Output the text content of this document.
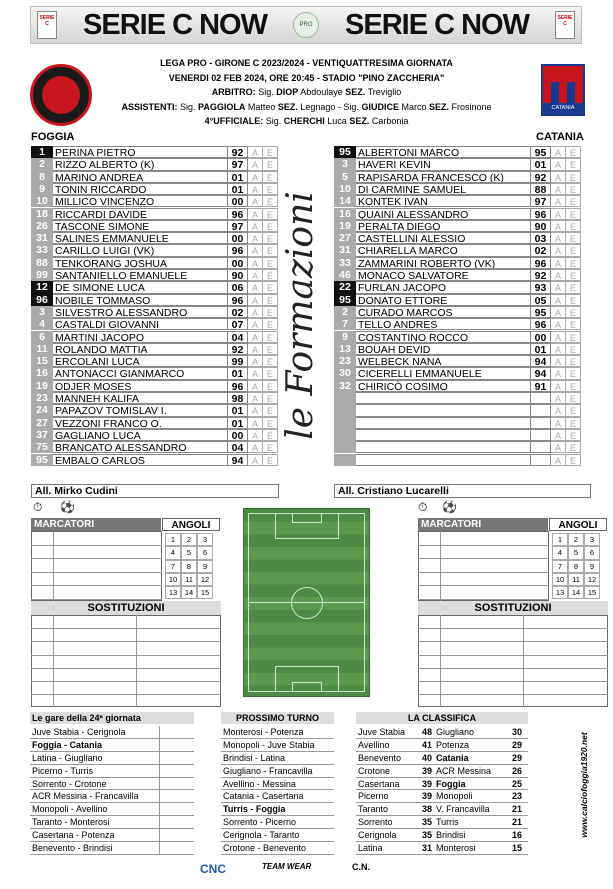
SERIE C SERIE C NOW	PRO SERIE C NOW	SERIE C
CATANIA
LEGA PRO - GIRONE C 2023/2024 - VENTIQUATTRESIMA GIORNATA
VENERDI 02 FEB 2024, ORE 20:45 - STADIO "PINO ZACCHERIA"
ARBITRO: Sig. DIOP Abdoulaye SEZ. Treviglio
ASSISTENTI: Sig. PAGGIOLA Matteo SEZ. Legnago - Sig. GIUDICE Marco SEZ. Frosinone
4°UFFICIALE: Sig. CHERCHI Luca SEZ. Carbonia
FOGGIA	CATANIA
1 PERINA PIETRO	92 A E
2 RIZZO ALBERTO (K)	97 A E
8 MARINO ANDREA	01 A E
9 TONIN RICCARDO	01 A E
10 MILLICO VINCENZO	00 A E
18 RICCARDI DAVIDE	96 A E
26 TASCONE SIMONE	97 A E
31 SALINES EMMANUELE	00 A E
33 CARILLO LUIGI (VK)	96 A E
88 TENKORANG JOSHUA	00 A E
99 SANTANIELLO EMANUELE	90 A E
12 DE SIMONE LUCA	06 A E
96 NOBILE TOMMASO	96 A E
3 SILVESTRO ALESSANDRO	02 A E
4 CASTALDI GIOVANNI	07 A E
6 MARTINI JACOPO	04 A E
11 ROLANDO MATTIA	92 A E
15 ERCOLANI LUCA	99 A E
16 ANTONACCI GIANMARCO	01 A E
19 ODJER MOSES	96 A E
23 MANNEH KALIFA	98 A E
24 PAPAZOV TOMISLAV I.	01 A E
27 VEZZONI FRANCO O.	01 A E
37 GAGLIANO LUCA	00 A E
75 BRANCATO ALESSANDRO	04 A E
95 EMBALO CARLOS	94 A E
95 ALBERTONI MARCO	95 A E
3 HAVERI KEVIN	01 A E
5 RAPISARDA FRANCESCO (K)	92 A E
10 DI CARMINE SAMUEL	88 A E
14 KONTEK IVAN	97 A E
16 QUAINI ALESSANDRO	96 A E
19 PERALTA DIEGO	90 A E
27 CASTELLINI ALESSIO	03 A E
31 CHIARELLA MARCO	02 A E
33 ZAMMARINI ROBERTO (VK)	96 A E
46 MONACO SALVATORE	92 A E
22 FURLAN JACOPO	93 A E
95 DONATO ETTORE	05 A E
2 CURADO MARCOS	95 A E
7 TELLO ANDRES	96 A E
9 COSTANTINO ROCCO	00 A E
13 BOUAH DEVID	01 A E
23 WELBECK NANA	94 A E
30 CICERELLI EMMANUELE	94 A E
32 CHIRICÒ COSIMO	91 A E
A E
A E
A E
A E
A E
A E
All. Mirko Cudini	All. Cristiano Lucarelli
le Formazioni
⏱ ⚽	⏱ ⚽
MARCATORI	ANGOLI
1	2	3
4	5	6
7	8	9
10	11	12
13	14	15
SOSTITUZIONI
MARCATORI	ANGOLI
1	2	3
4	5	6
7	8	9
10	11	12
13	14	15
SOSTITUZIONI
Le gare della 24ª giornata
Juve Stabia - Cerignola
Foggia - Catania
Latina - Giugliano
Picerno - Turris
Sorrento - Crotone
ACR Messina - Francavilla
Monopoli - Avellino
Taranto - Monterosi
Casertana - Potenza
Benevento - Brindisi
PROSSIMO TURNO
Monterosi - Potenza
Monopoli - Juve Stabia
Brindisi - Latina
Giugliano - Francavilla
Avellino - Messina
Catania - Casertana
Turris - Foggia
Sorrento - Picerno
Cerignola - Taranto
Crotone - Benevento
LA CLASSIFICA
Juve Stabia	48 Giugliano	30
Avellino	41 Potenza	29
Benevento	40 Catania	29
Crotone	39 ACR Messina	26
Casertana	39 Foggia	25
Picerno	39 Monopoli	23
Taranto	38 V. Francavilla	21
Sorrento	35 Turris	21
Cerignola	35 Brindisi	16
Latina	31 Monterosi	15
www.calciofoggia1920.net
CNC	TEAM WEAR	C.N.
